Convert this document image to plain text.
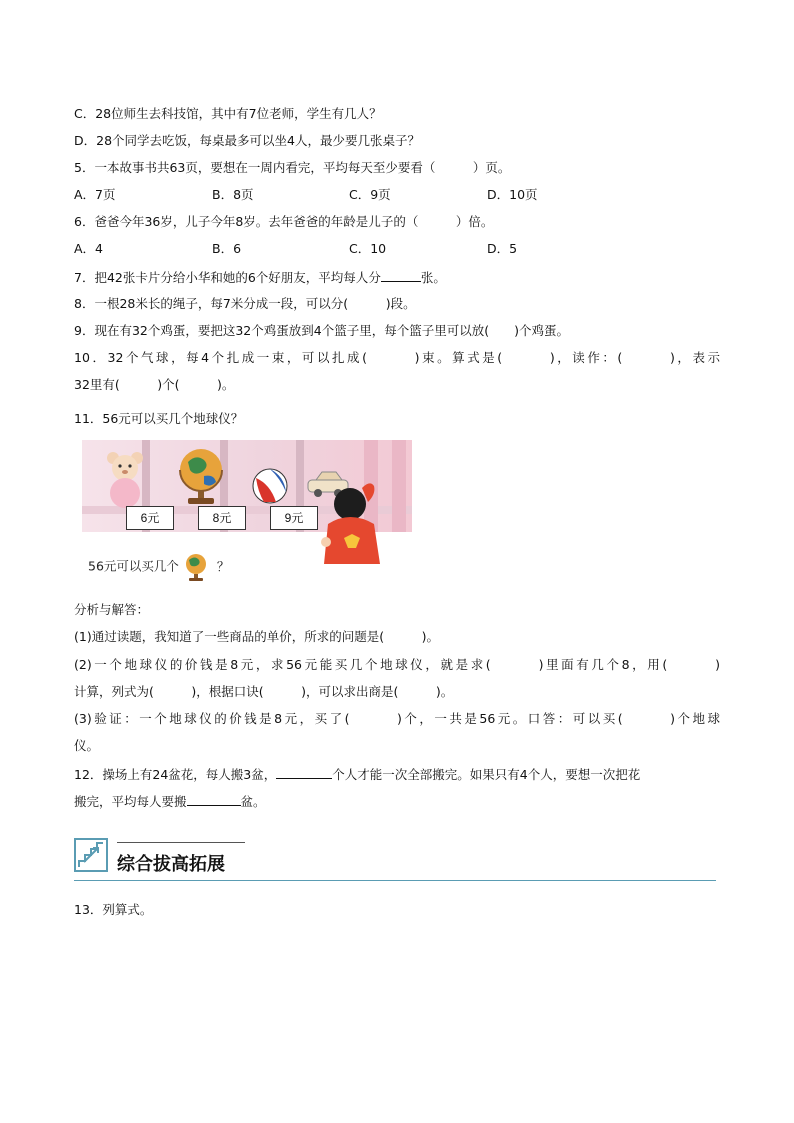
C．28位师生去科技馆，其中有7位老师，学生有几人？
D．28个同学去吃饭，每桌最多可以坐4人，最少要几张桌子？
5．一本故事书共63页，要想在一周内看完，平均每天至少要看（　　　）页。
A．7页	B．8页	C．9页	D．10页
6．爸爸今年36岁，儿子今年8岁。去年爸爸的年龄是儿子的（　　　）倍。
A．4	B．6	C．10	D．5
7．把42张卡片分给小华和她的6个好朋友，平均每人分	张。
8．一根28米长的绳子，每7米分成一段，可以分(　　　)段。
9．现在有32个鸡蛋，要把这32个鸡蛋放到4个篮子里，每个篮子里可以放(　　)个鸡蛋。
10．32个气球，每4个扎成一束，可以扎成(　　　)束。算式是(　　　)，读作：(　　　)，表示
32里有(　　　)个(　　　)。
11．56元可以买几个地球仪？
6元	8元	9元
56元可以买几个	？
分析与解答：
(1)通过读题，我知道了一些商品的单价，所求的问题是(　　　)。
(2)一个地球仪的价钱是8元，求56元能买几个地球仪，就是求(　　　)里面有几个8，用(　　　)
计算，列式为(　　　)，根据口诀(　　　)，可以求出商是(　　　)。
(3)验证：一个地球仪的价钱是8元，买了(　　　)个，一共是56元。口答：可以买(　　　)个地球
仪。
12．操场上有24盆花，每人搬3盆，	个人才能一次全部搬完。如果只有4个人，要想一次把花
搬完，平均每人要搬	盆。
综合拔高拓展
13．列算式。
